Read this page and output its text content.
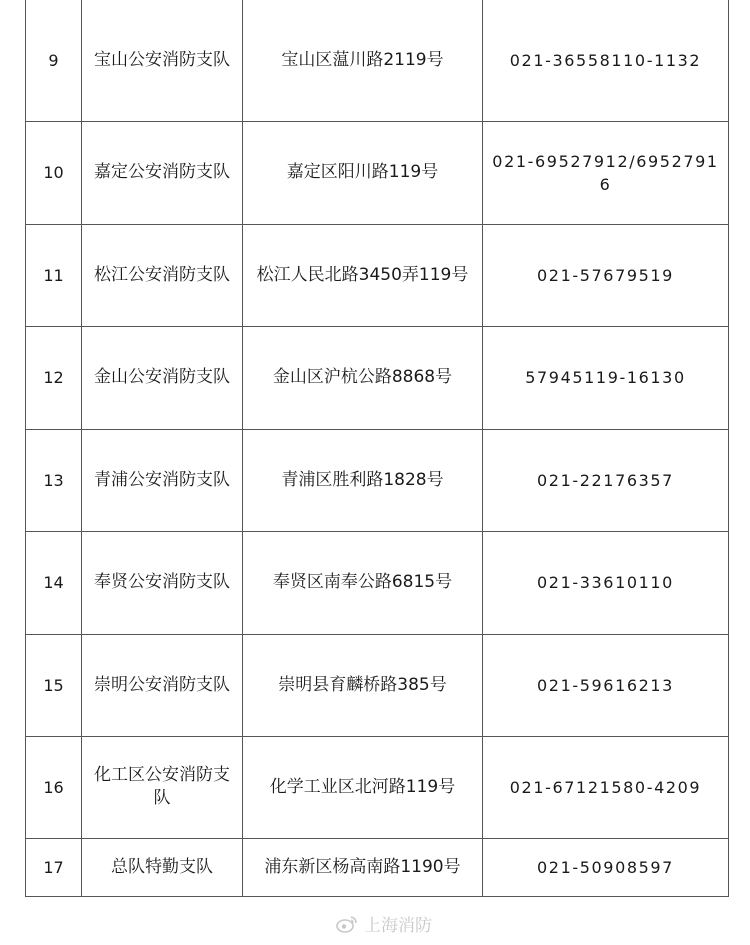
9	宝山公安消防支队	宝山区蕰川路2119号	021-36558110-1132
10	嘉定公安消防支队	嘉定区阳川路119号	021-69527912/69527916
11	松江公安消防支队	松江人民北路3450弄119号	021-57679519
12	金山公安消防支队	金山区沪杭公路8868号	57945119-16130
13	青浦公安消防支队	青浦区胜利路1828号	021-22176357
14	奉贤公安消防支队	奉贤区南奉公路6815号	021-33610110
15	崇明公安消防支队	崇明县育麟桥路385号	021-59616213
16	化工区公安消防支队	化学工业区北河路119号	021-67121580-4209
17	总队特勤支队	浦东新区杨高南路1190号	021-50908597
上海消防
